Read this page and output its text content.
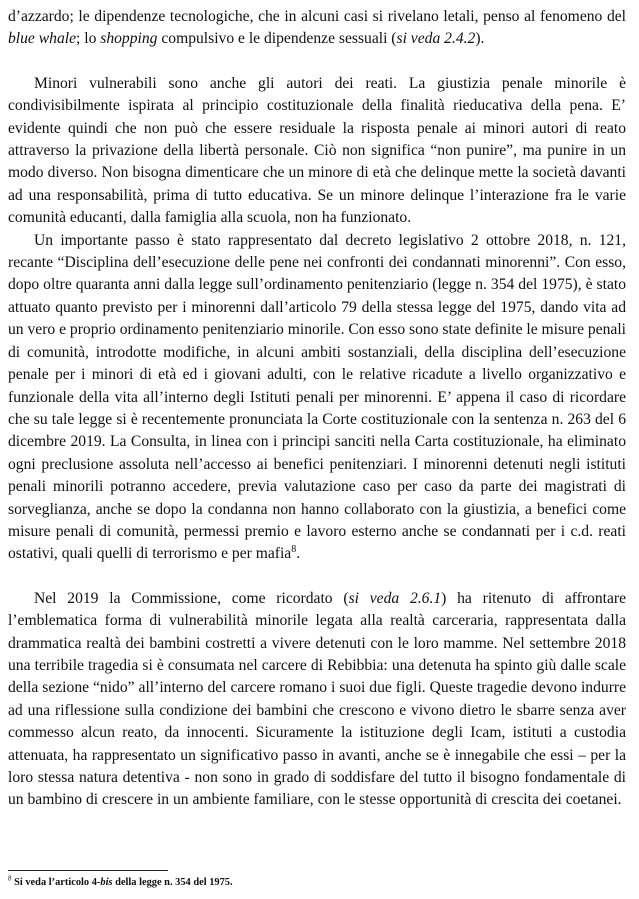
d’azzardo; le dipendenze tecnologiche, che in alcuni casi si rivelano letali, penso al fenomeno del blue whale; lo shopping compulsivo e le dipendenze sessuali (si veda 2.4.2).

Minori vulnerabili sono anche gli autori dei reati. La giustizia penale minorile è condivisibilmente ispirata al principio costituzionale della finalità rieducativa della pena. E’ evidente quindi che non può che essere residuale la risposta penale ai minori autori di reato attraverso la privazione della libertà personale. Ciò non significa “non punire”, ma punire in un modo diverso. Non bisogna dimenticare che un minore di età che delinque mette la società davanti ad una responsabilità, prima di tutto educativa. Se un minore delinque l’interazione fra le varie comunità educanti, dalla famiglia alla scuola, non ha funzionato.

Un importante passo è stato rappresentato dal decreto legislativo 2 ottobre 2018, n. 121, recante “Disciplina dell’esecuzione delle pene nei confronti dei condannati minorenni”. Con esso, dopo oltre quaranta anni dalla legge sull’ordinamento penitenziario (legge n. 354 del 1975), è stato attuato quanto previsto per i minorenni dall’articolo 79 della stessa legge del 1975, dando vita ad un vero e proprio ordinamento penitenziario minorile. Con esso sono state definite le misure penali di comunità, introdotte modifiche, in alcuni ambiti sostanziali, della disciplina dell’esecuzione penale per i minori di età ed i giovani adulti, con le relative ricadute a livello organizzativo e funzionale della vita all’interno degli Istituti penali per minorenni. E’ appena il caso di ricordare che su tale legge si è recentemente pronunciata la Corte costituzionale con la sentenza n. 263 del 6 dicembre 2019. La Consulta, in linea con i principi sanciti nella Carta costituzionale, ha eliminato ogni preclusione assoluta nell’accesso ai benefici penitenziari. I minorenni detenuti negli istituti penali minorili potranno accedere, previa valutazione caso per caso da parte dei magistrati di sorveglianza, anche se dopo la condanna non hanno collaborato con la giustizia, a benefici come misure penali di comunità, permessi premio e lavoro esterno anche se condannati per i c.d. reati ostativi, quali quelli di terrorismo e per mafia$^8$.

Nel 2019 la Commissione, come ricordato (si veda 2.6.1) ha ritenuto di affrontare l’emblematica forma di vulnerabilità minorile legata alla realtà carceraria, rappresentata dalla drammatica realtà dei bambini costretti a vivere detenuti con le loro mamme. Nel settembre 2018 una terribile tragedia si è consumata nel carcere di Rebibbia: una detenuta ha spinto giù dalle scale della sezione “nido” all’interno del carcere romano i suoi due figli. Queste tragedie devono indurre ad una riflessione sulla condizione dei bambini che crescono e vivono dietro le sbarre senza aver commesso alcun reato, da innocenti. Sicuramente la istituzione degli Icam, istituti a custodia attenuata, ha rappresentato un significativo passo in avanti, anche se è innegabile che essi – per la loro stessa natura detentiva - non sono in grado di soddisfare del tutto il bisogno fondamentale di un bambino di crescere in un ambiente familiare, con le stesse opportunità di crescita dei coetanei.

$^8$ Si veda l’articolo 4-bis della legge n. 354 del 1975.
